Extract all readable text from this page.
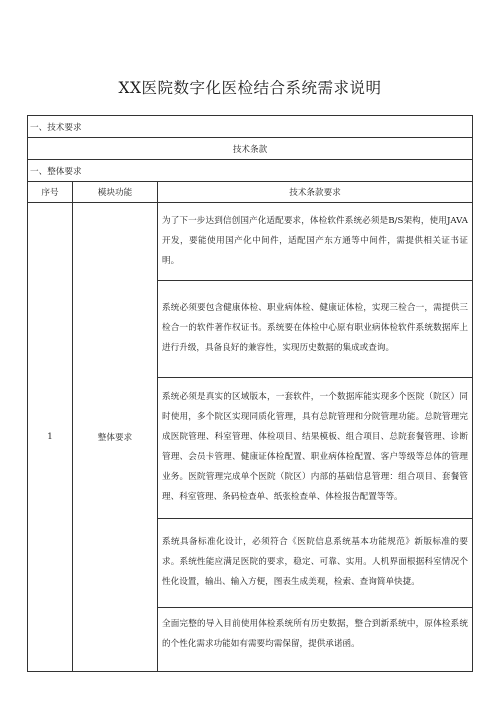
XX医院数字化医检结合系统需求说明
一、技术要求		
技术条款		
一、整体要求		
序号	模块功能	技术条款要求
1	整体要求	为了下一步达到信创国产化适配要求，体检软件系统必须是B/S架构，使用JAVA开发，要能使用国产化中间件，适配国产东方通等中间件，需提供相关证书证明。
		系统必须要包含健康体检、职业病体检、健康证体检，实现三检合一，需提供三检合一的软件著作权证书。系统要在体检中心原有职业病体检软件系统数据库上进行升级，具备良好的兼容性，实现历史数据的集成或查询。
		系统必须是真实的区域版本，一套软件，一个数据库能实现多个医院（院区）同时使用，多个院区实现同质化管理，具有总院管理和分院管理功能。总院管理完成医院管理、科室管理、体检项目、结果模板、组合项目、总院套餐管理、诊断管理、会员卡管理、健康证体检配置、职业病体检配置、客户等级等总体的管理业务。医院管理完成单个医院（院区）内部的基础信息管理：组合项目、套餐管理、科室管理、条码检查单、纸张检查单、体检报告配置等等。
		系统具备标准化设计，必须符合《医院信息系统基本功能规范》新版标准的要求。系统性能应满足医院的要求，稳定、可靠、实用。人机界面根据科室情况个性化设置，输出、输入方便，图表生成美观，检索、查询简单快捷。
		全面完整的导入目前使用体检系统所有历史数据，整合到新系统中，原体检系统的个性化需求功能如有需要均需保留，提供承诺函。
